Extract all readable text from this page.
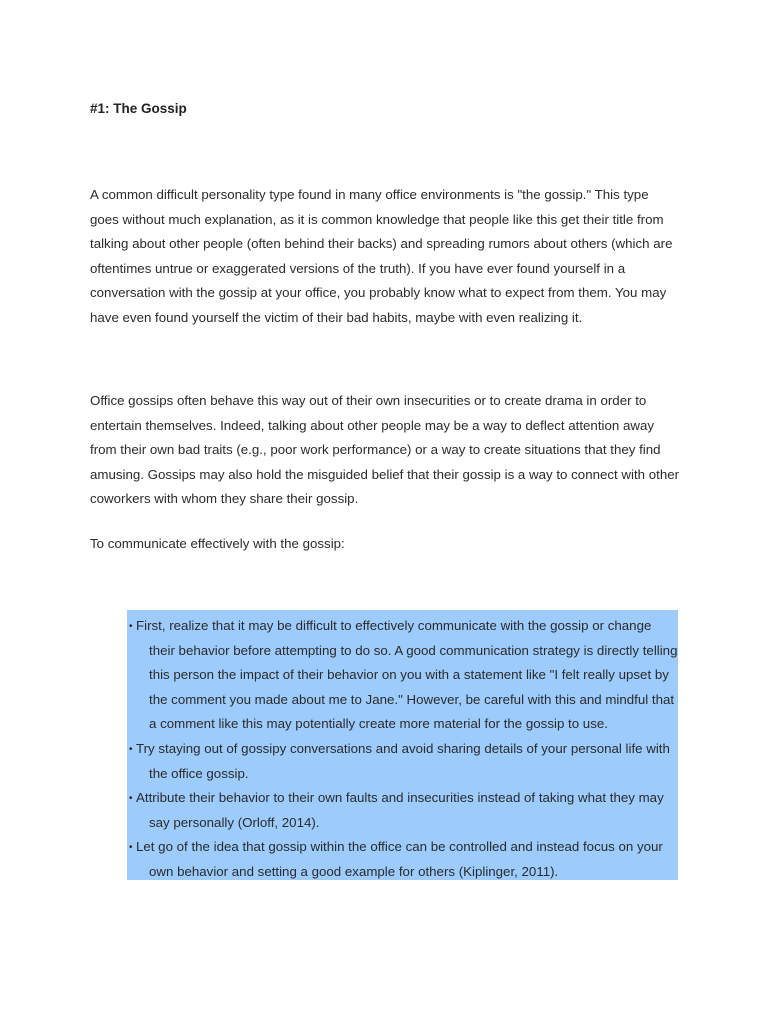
#1: The Gossip

A common difficult personality type found in many office environments is "the gossip." This type goes without much explanation, as it is common knowledge that people like this get their title from talking about other people (often behind their backs) and spreading rumors about others (which are oftentimes untrue or exaggerated versions of the truth). If you have ever found yourself in a conversation with the gossip at your office, you probably know what to expect from them. You may have even found yourself the victim of their bad habits, maybe with even realizing it.

Office gossips often behave this way out of their own insecurities or to create drama in order to entertain themselves. Indeed, talking about other people may be a way to deflect attention away from their own bad traits (e.g., poor work performance) or a way to create situations that they find amusing. Gossips may also hold the misguided belief that their gossip is a way to connect with other coworkers with whom they share their gossip.

To communicate effectively with the gossip:

• First, realize that it may be difficult to effectively communicate with the gossip or change their behavior before attempting to do so. A good communication strategy is directly telling this person the impact of their behavior on you with a statement like "I felt really upset by the comment you made about me to Jane." However, be careful with this and mindful that a comment like this may potentially create more material for the gossip to use.
• Try staying out of gossipy conversations and avoid sharing details of your personal life with the office gossip.
• Attribute their behavior to their own faults and insecurities instead of taking what they may say personally (Orloff, 2014).
• Let go of the idea that gossip within the office can be controlled and instead focus on your own behavior and setting a good example for others (Kiplinger, 2011).
